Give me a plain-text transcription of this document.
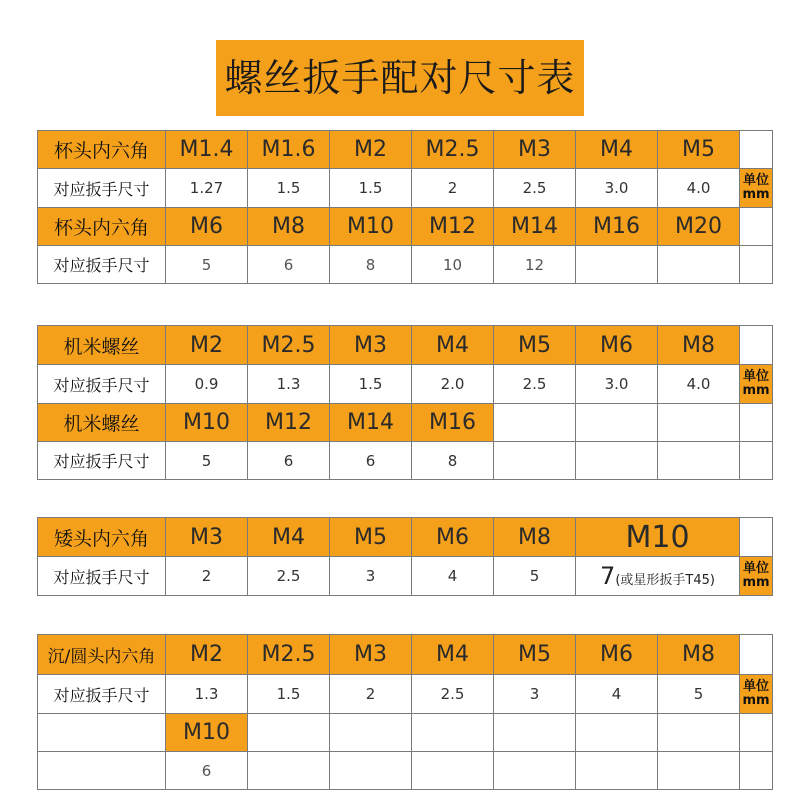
螺丝扳手配对尺寸表
杯头内六角	M1.4	M1.6	M2	M2.5	M3	M4	M5	
对应扳手尺寸	1.27	1.5	1.5	2	2.5	3.0	4.0	单位
mm

杯头内六角	M6	M8	M10	M12	M14	M16	M20	
对应扳手尺寸	5	6	8	10	12			
机米螺丝	M2	M2.5	M3	M4	M5	M6	M8	
对应扳手尺寸	0.9	1.3	1.5	2.0	2.5	3.0	4.0	单位
mm

机米螺丝	M10	M12	M14	M16				
对应扳手尺寸	5	6	6	8				
矮头内六角	M3	M4	M5	M6	M8	M10	
对应扳手尺寸	2	2.5	3	4	5	7(或星形扳手T45)	单位
mm
沉/圆头内六角	M2	M2.5	M3	M4	M5	M6	M8	
对应扳手尺寸	1.3	1.5	2	2.5	3	4	5	单位
mm

	M10							
	6							
